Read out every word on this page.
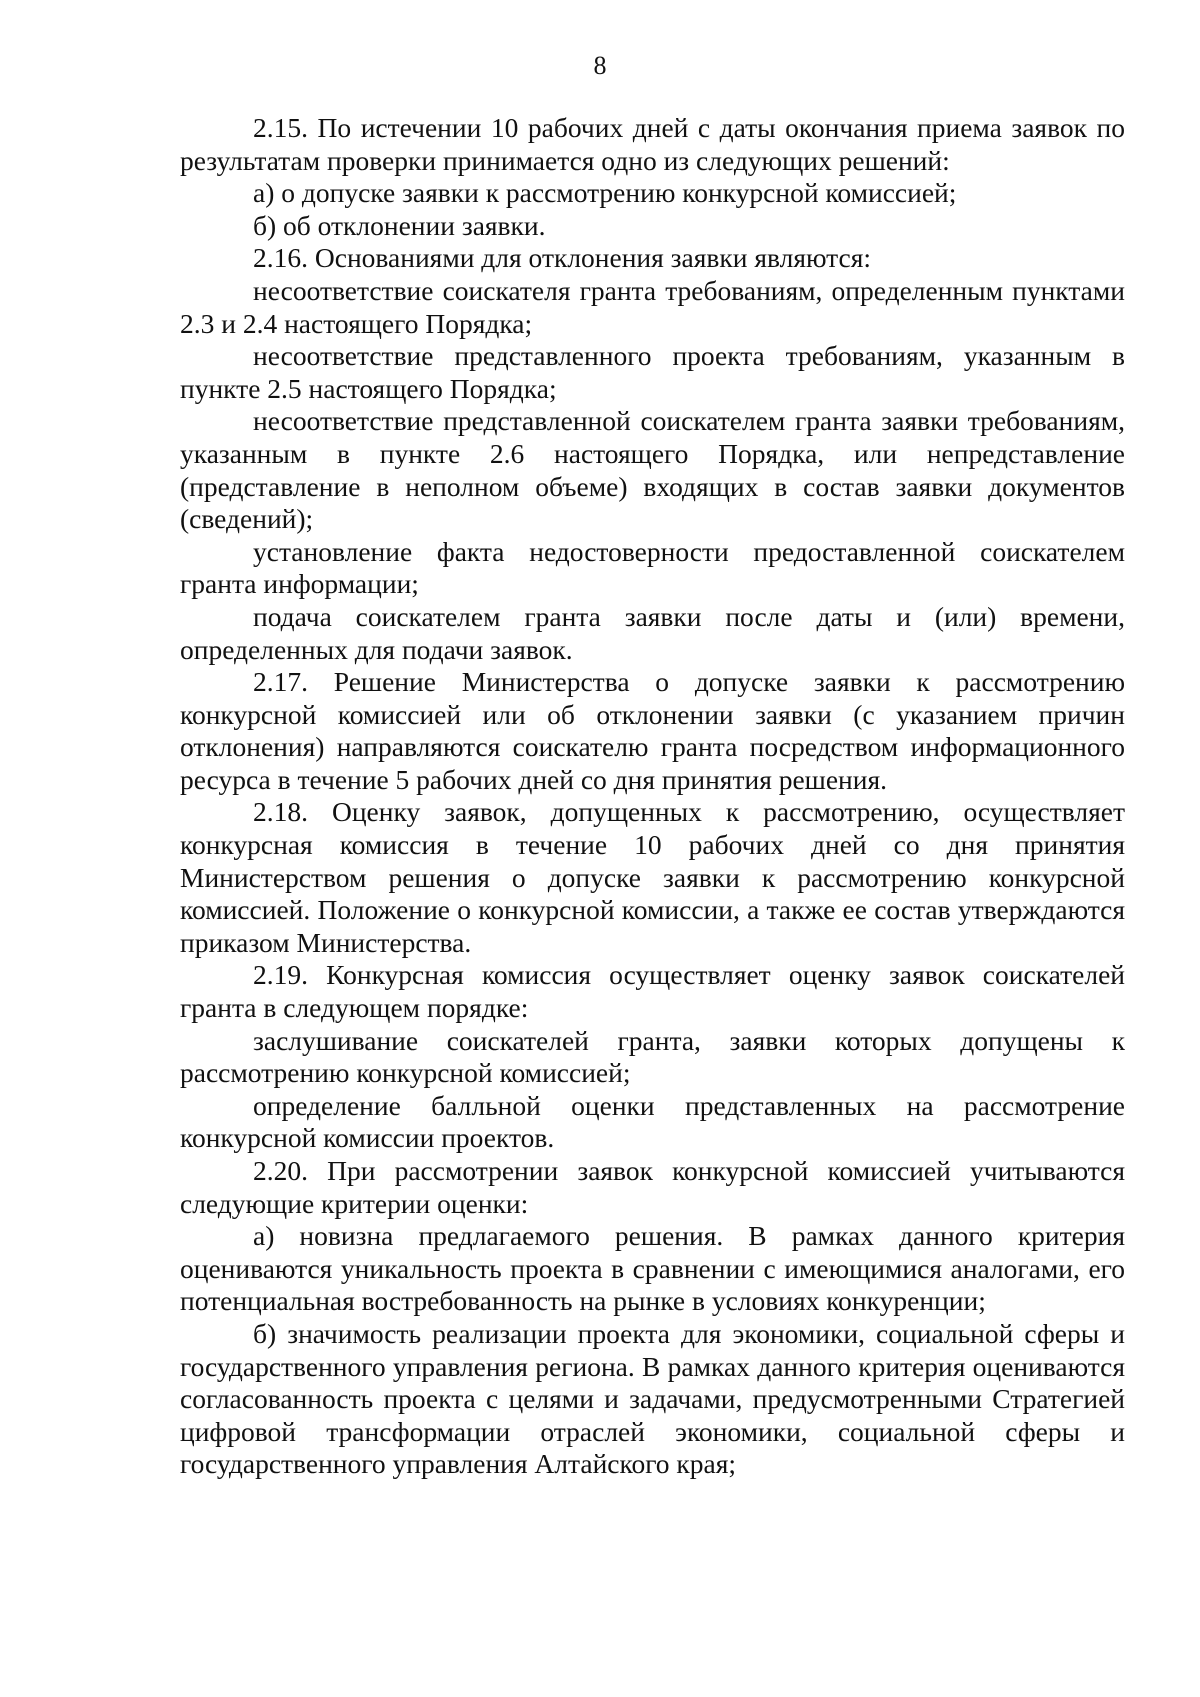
8

2.15. По истечении 10 рабочих дней с даты окончания приема заявок по результатам проверки принимается одно из следующих решений:

а) о допуске заявки к рассмотрению конкурсной комиссией;

б) об отклонении заявки.

2.16. Основаниями для отклонения заявки являются:

несоответствие соискателя гранта требованиям, определенным пунктами 2.3 и 2.4 настоящего Порядка;

несоответствие представленного проекта требованиям, указанным в пункте 2.5 настоящего Порядка;

несоответствие представленной соискателем гранта заявки требованиям, указанным в пункте 2.6 настоящего Порядка, или непредставление (представление в неполном объеме) входящих в состав заявки документов (сведений);

установление факта недостоверности предоставленной соискателем гранта информации;

подача соискателем гранта заявки после даты и (или) времени, определенных для подачи заявок.

2.17. Решение Министерства о допуске заявки к рассмотрению конкурсной комиссией или об отклонении заявки (с указанием причин отклонения) направляются соискателю гранта посредством информационного ресурса в течение 5 рабочих дней со дня принятия решения.

2.18. Оценку заявок, допущенных к рассмотрению, осуществляет конкурсная комиссия в течение 10 рабочих дней со дня принятия Министерством решения о допуске заявки к рассмотрению конкурсной комиссией. Положение о конкурсной комиссии, а также ее состав утверждаются приказом Министерства.

2.19. Конкурсная комиссия осуществляет оценку заявок соискателей гранта в следующем порядке:

заслушивание соискателей гранта, заявки которых допущены к рассмотрению конкурсной комиссией;

определение балльной оценки представленных на рассмотрение конкурсной комиссии проектов.

2.20. При рассмотрении заявок конкурсной комиссией учитываются следующие критерии оценки:

а) новизна предлагаемого решения. В рамках данного критерия оцениваются уникальность проекта в сравнении с имеющимися аналогами, его потенциальная востребованность на рынке в условиях конкуренции;

б) значимость реализации проекта для экономики, социальной сферы и государственного управления региона. В рамках данного критерия оцениваются согласованность проекта с целями и задачами, предусмотренными Стратегией цифровой трансформации отраслей экономики, социальной сферы и государственного управления Алтайского края;
